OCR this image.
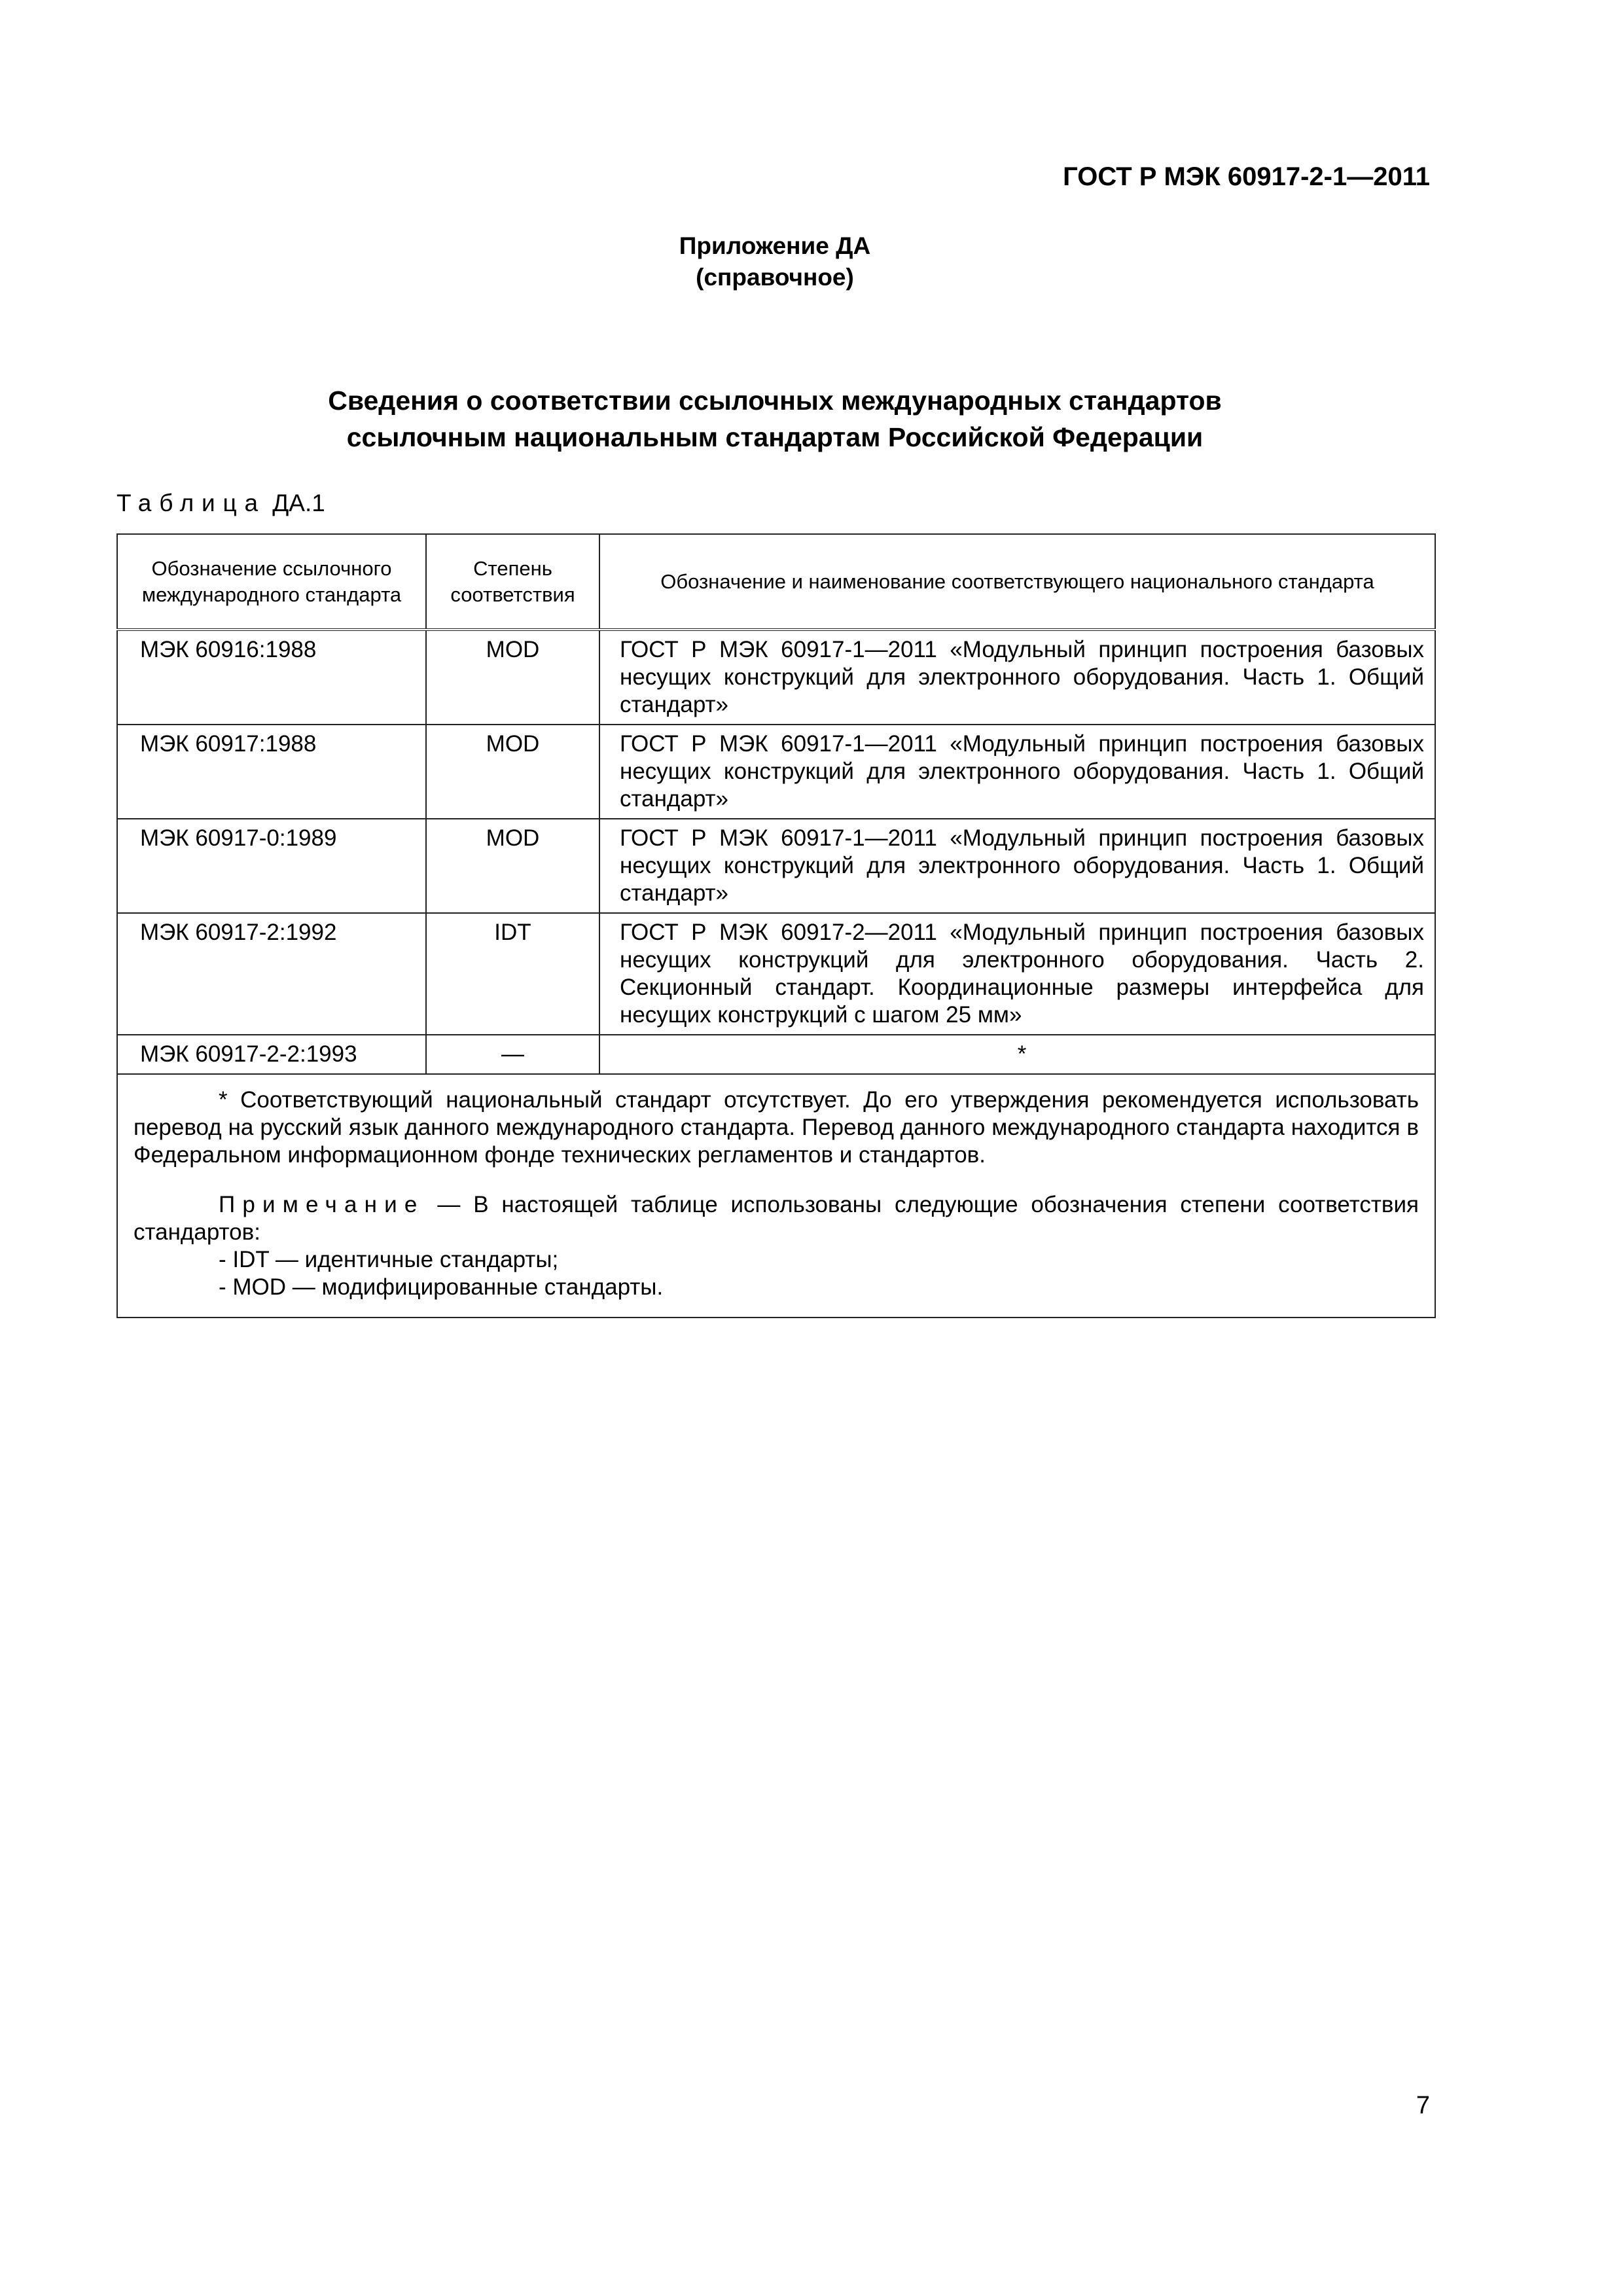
ГОСТ Р МЭК 60917-2-1—2011
Приложение ДА
(справочное)
Сведения о соответствии ссылочных международных стандартов
ссылочным национальным стандартам Российской Федерации
Таблица ДА.1
Обозначение ссылочного международного стандарта	Степень соответствия	Обозначение и наименование соответствующего национального стандарта
МЭК 60916:1988	MOD	ГОСТ Р МЭК 60917-1—2011 «Модульный принцип построения базовых несущих конструкций для электронного оборудования. Часть 1. Общий стандарт»
МЭК 60917:1988	MOD	ГОСТ Р МЭК 60917-1—2011 «Модульный принцип построения базовых несущих конструкций для электронного оборудования. Часть 1. Общий стандарт»
МЭК 60917-0:1989	MOD	ГОСТ Р МЭК 60917-1—2011 «Модульный принцип построения базовых несущих конструкций для электронного оборудования. Часть 1. Общий стандарт»
МЭК 60917-2:1992	IDT	ГОСТ Р МЭК 60917-2—2011 «Модульный принцип построения базовых несущих конструкций для электронного оборудования. Часть 2. Секционный стандарт. Координационные размеры интерфейса для несущих конструкций с шагом 25 мм»
МЭК 60917-2-2:1993	—	*

* Соответствующий национальный стандарт отсутствует. До его утверждения рекомендуется использовать перевод на русский язык данного международного стандарта. Перевод данного международного стандарта находится в Федеральном информационном фонде технических регламентов и стандартов.

Примечание — В настоящей таблице использованы следующие обозначения степени соответствия стандартов:

- IDT — идентичные стандарты;
- MOD — модифицированные стандарты.		
7
